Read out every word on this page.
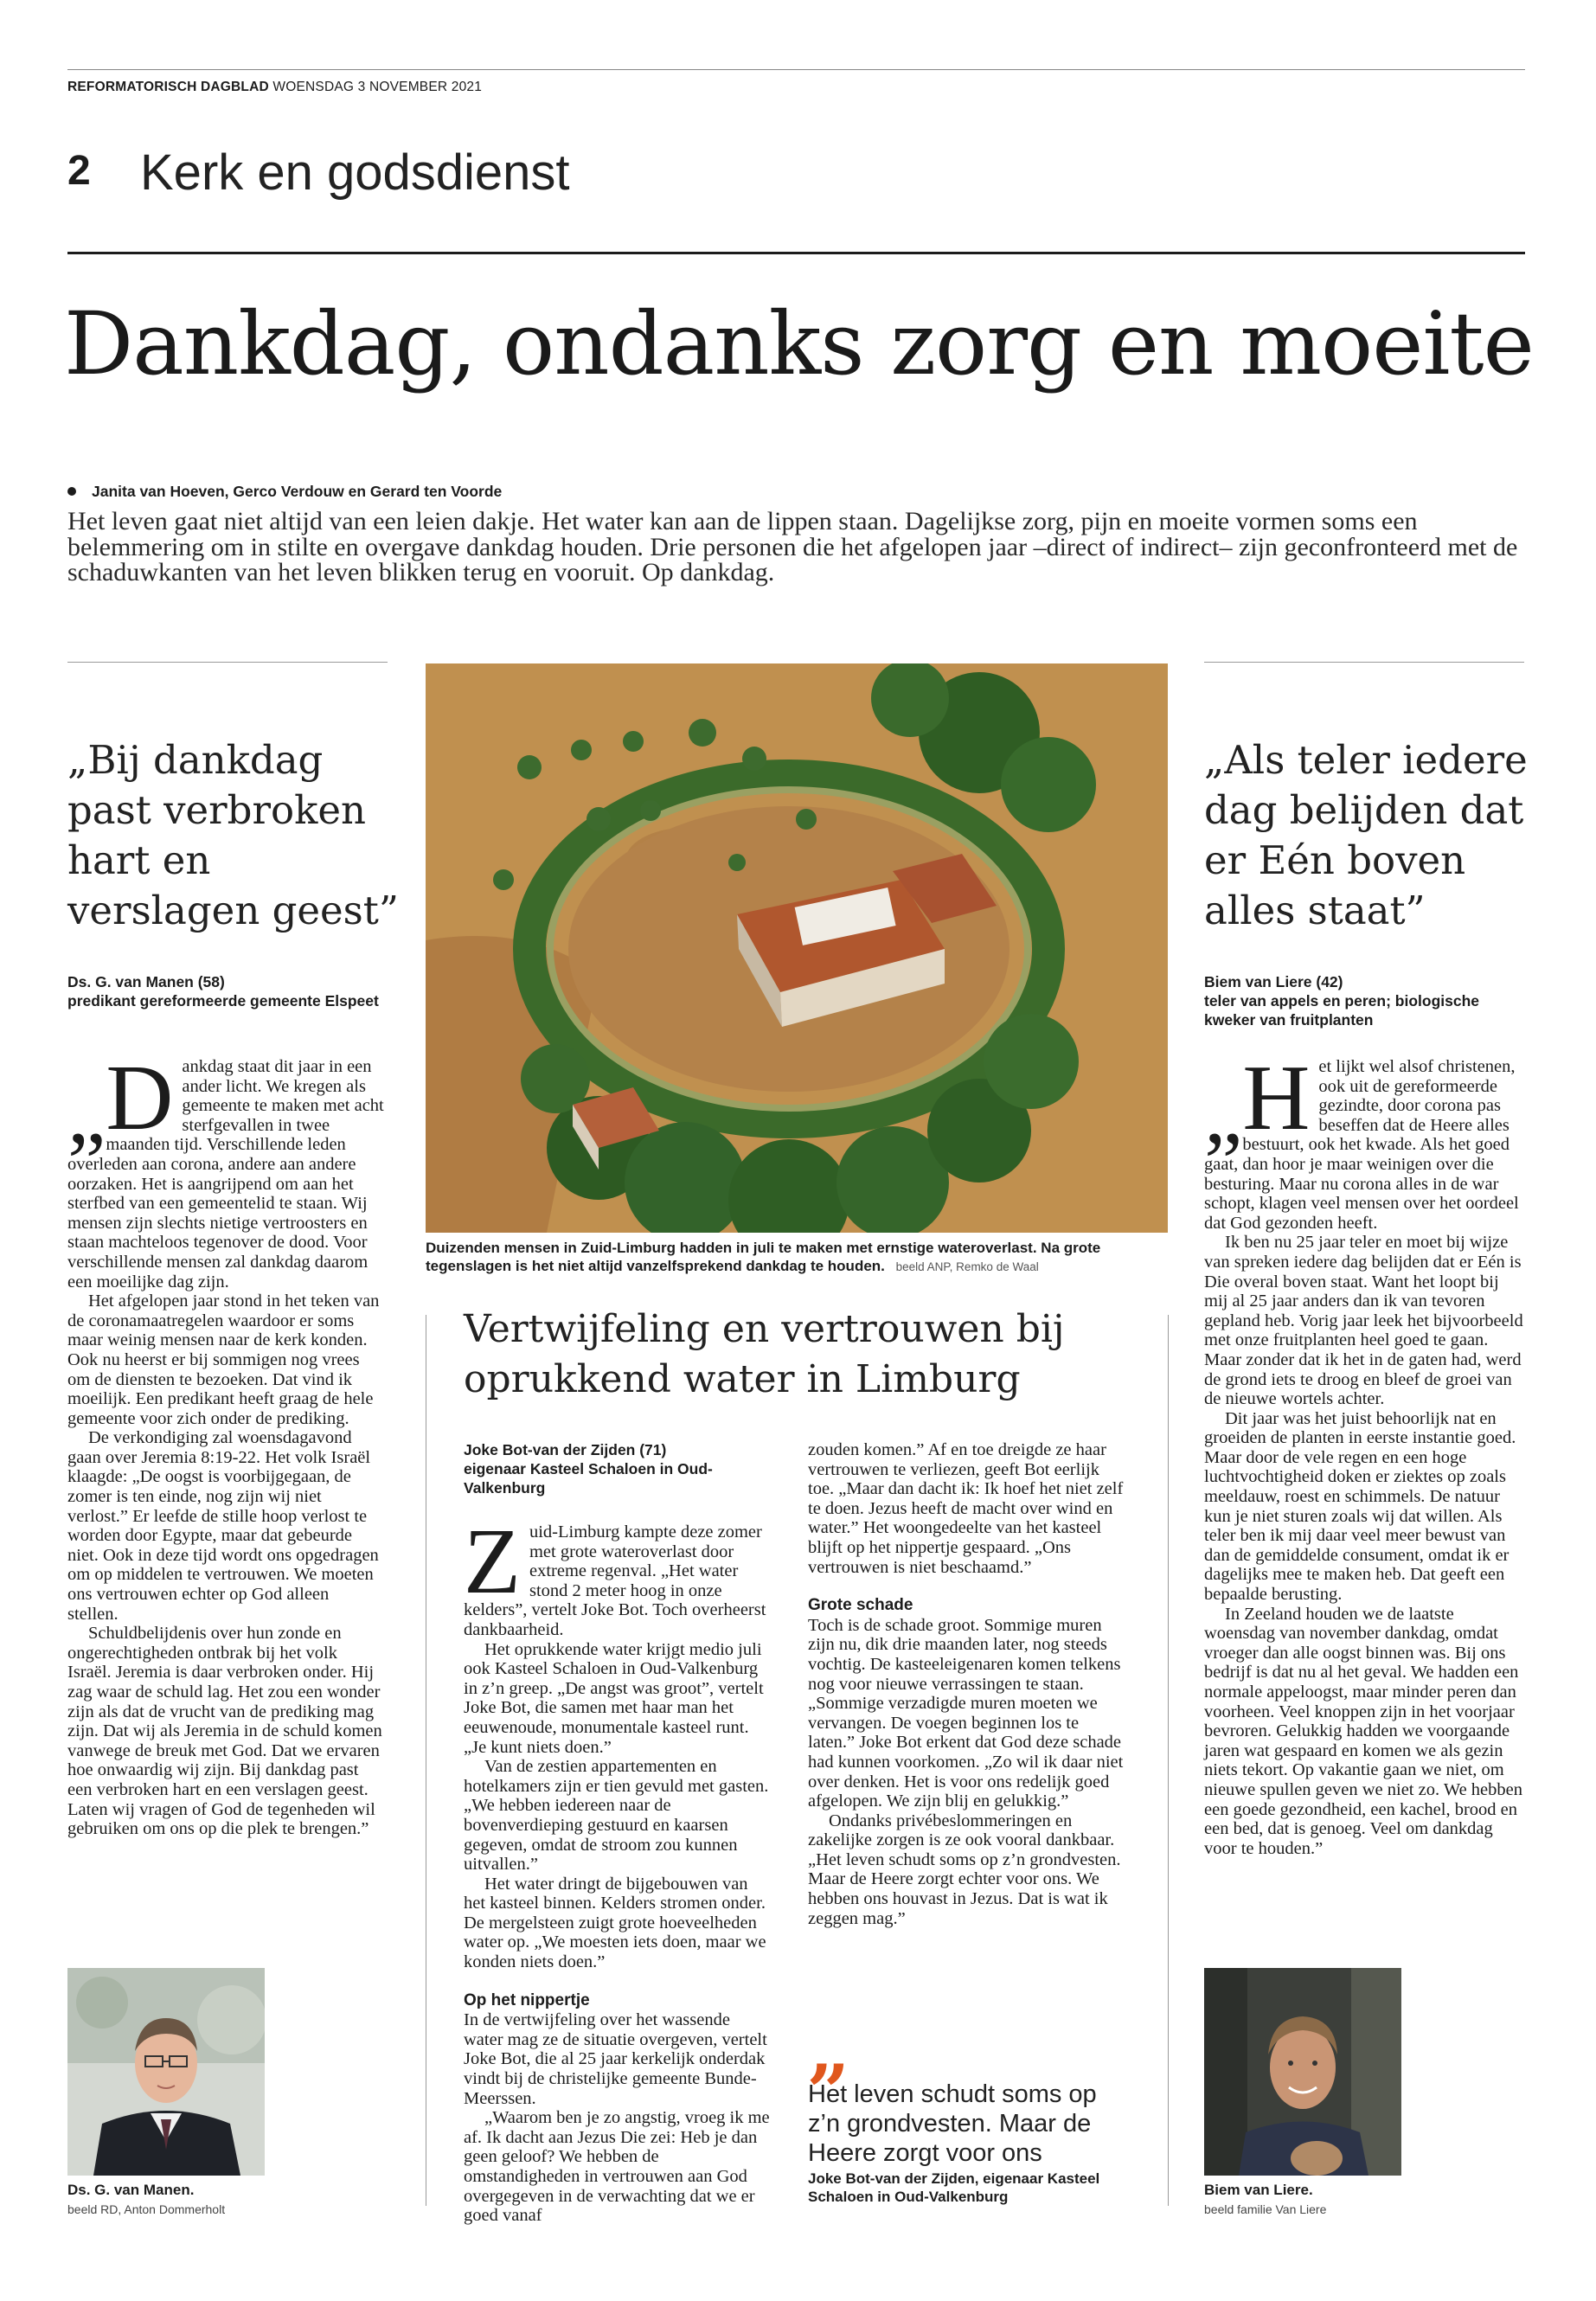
REFORMATORISCH DAGBLAD WOENSDAG 3 NOVEMBER 2021
2 Kerk en godsdienst
Dankdag, ondanks zorg en moeite
Janita van Hoeven, Gerco Verdouw en Gerard ten Voorde
Het leven gaat niet altijd van een leien dakje. Het water kan aan de lippen staan. Dagelijkse zorg, pijn en moeite vormen soms een belemmering om in stilte en overgave dankdag houden. Drie personen die het afgelopen jaar –direct of indirect– zijn geconfronteerd met de schaduwkanten van het leven blikken terug en vooruit. Op dankdag.
„Bij dankdag past verbroken hart en verslagen geest”
Ds. G. van Manen (58)
predikant gereformeerde gemeente Elspeet

„ D ankdag staat dit jaar in een ander licht. We kregen als gemeente te maken met acht sterfgevallen in twee maanden tijd. Verschillende leden overleden aan corona, andere aan andere oorzaken. Het is aangrijpend om aan het sterfbed van een gemeentelid te staan. Wij mensen zijn slechts nietige vertroosters en staan machteloos tegenover de dood. Voor verschillende mensen zal dankdag daarom een moeilijke dag zijn.

Het afgelopen jaar stond in het teken van de coronamaatregelen waardoor er soms maar weinig mensen naar de kerk konden. Ook nu heerst er bij sommigen nog vrees om de diensten te bezoeken. Dat vind ik moeilijk. Een predikant heeft graag de hele gemeente voor zich onder de prediking.

De verkondiging zal woensdagavond gaan over Jeremia 8:19-22. Het volk Israël klaagde: „De oogst is voorbijgegaan, de zomer is ten einde, nog zijn wij niet verlost.” Er leefde de stille hoop verlost te worden door Egypte, maar dat gebeurde niet. Ook in deze tijd wordt ons opgedragen om op middelen te vertrouwen. We moeten ons vertrouwen echter op God alleen stellen.

Schuldbelijdenis over hun zonde en ongerechtigheden ontbrak bij het volk Israël. Jeremia is daar verbroken onder. Hij zag waar de schuld lag. Het zou een wonder zijn als dat de vrucht van de prediking mag zijn. Dat wij als Jeremia in de schuld komen vanwege de breuk met God. Dat we ervaren hoe onwaardig wij zijn. Bij dankdag past een verbroken hart en een verslagen geest. Laten wij vragen of God de tegenheden wil gebruiken om ons op die plek te brengen.”

Ds. G. van Manen.
beeld RD, Anton Dommerholt
Duizenden mensen in Zuid-Limburg hadden in juli te maken met ernstige wateroverlast. Na grote tegenslagen is het niet altijd vanzelfsprekend dankdag te houden. beeld ANP, Remko de Waal
Vertwijfeling en vertrouwen bij oprukkend water in Limburg
Joke Bot-van der Zijden (71)
eigenaar Kasteel Schaloen in Oud-Valkenburg

Zuid-Limburg kampte deze zomer met grote wateroverlast door extreme regenval. „Het water stond 2 meter hoog in onze kelders”, vertelt Joke Bot. Toch overheerst dankbaarheid.

Het oprukkende water krijgt medio juli ook Kasteel Schaloen in Oud-Valkenburg in z’n greep. „De angst was groot”, vertelt Joke Bot, die samen met haar man het eeuwenoude, monumentale kasteel runt. „Je kunt niets doen.”

Van de zestien appartementen en hotelkamers zijn er tien gevuld met gasten. „We hebben iedereen naar de bovenverdieping gestuurd en kaarsen gegeven, omdat de stroom zou kunnen uitvallen.”

Het water dringt de bijgebouwen van het kasteel binnen. Kelders stromen onder. De mergelsteen zuigt grote hoeveelheden water op. „We moesten iets doen, maar we konden niets doen.”

Op het nippertje

In de vertwijfeling over het wassende water mag ze de situatie overgeven, vertelt Joke Bot, die al 25 jaar kerkelijk onderdak vindt bij de christelijke gemeente Bunde-Meerssen.

„Waarom ben je zo angstig, vroeg ik me af. Ik dacht aan Jezus Die zei: Heb je dan geen geloof? We hebben de omstandigheden in vertrouwen aan God overgegeven in de verwachting dat we er goed vanaf

zouden komen.” Af en toe dreigde ze haar vertrouwen te verliezen, geeft Bot eerlijk toe. „Maar dan dacht ik: Ik hoef het niet zelf te doen. Jezus heeft de macht over wind en water.” Het woongedeelte van het kasteel blijft op het nippertje gespaard. „Ons vertrouwen is niet beschaamd.”

Grote schade

Toch is de schade groot. Sommige muren zijn nu, dik drie maanden later, nog steeds vochtig. De kasteeleigenaren komen telkens nog voor nieuwe verrassingen te staan. „Sommige verzadigde muren moeten we vervangen. De voegen beginnen los te laten.” Joke Bot erkent dat God deze schade had kunnen voorkomen. „Zo wil ik daar niet over denken. Het is voor ons redelijk goed afgelopen. We zijn blij en gelukkig.”

Ondanks privébeslommeringen en zakelijke zorgen is ze ook vooral dankbaar. „Het leven schudt soms op z’n grondvesten. Maar de Heere zorgt echter voor ons. We hebben ons houvast in Jezus. Dat is wat ik zeggen mag.”

„
Het leven schudt soms op z’n grondvesten. Maar de Heere zorgt voor ons
Joke Bot-van der Zijden, eigenaar Kasteel Schaloen in Oud-Valkenburg
„Als teler iedere dag belijden dat er Eén boven alles staat”
Biem van Liere (42)
teler van appels en peren; biologische kweker van fruitplanten

„ H et lijkt wel alsof christenen, ook uit de gereformeerde gezindte, door corona pas beseffen dat de Heere alles bestuurt, ook het kwade. Als het goed gaat, dan hoor je maar weinigen over die besturing. Maar nu corona alles in de war schopt, klagen veel mensen over het oordeel dat God gezonden heeft.

Ik ben nu 25 jaar teler en moet bij wijze van spreken iedere dag belijden dat er Eén is Die overal boven staat. Want het loopt bij mij al 25 jaar anders dan ik van tevoren gepland heb. Vorig jaar leek het bijvoorbeeld met onze fruitplanten heel goed te gaan. Maar zonder dat ik het in de gaten had, werd de grond iets te droog en bleef de groei van de nieuwe wortels achter.

Dit jaar was het juist behoorlijk nat en groeiden de planten in eerste instantie goed. Maar door de vele regen en een hoge luchtvochtigheid doken er ziektes op zoals meeldauw, roest en schimmels. De natuur kun je niet sturen zoals wij dat willen. Als teler ben ik mij daar veel meer bewust van dan de gemiddelde consument, omdat ik er dagelijks mee te maken heb. Dat geeft een bepaalde berusting.

In Zeeland houden we de laatste woensdag van november dankdag, omdat vroeger dan alle oogst binnen was. Bij ons bedrijf is dat nu al het geval. We hadden een normale appeloogst, maar minder peren dan voorheen. Veel knoppen zijn in het voorjaar bevroren. Gelukkig hadden we voorgaande jaren wat gespaard en komen we als gezin niets tekort. Op vakantie gaan we niet, om nieuwe spullen geven we niet zo. We hebben een goede gezondheid, een kachel, brood en een bed, dat is genoeg. Veel om dankdag voor te houden.”

Biem van Liere.
beeld familie Van Liere
